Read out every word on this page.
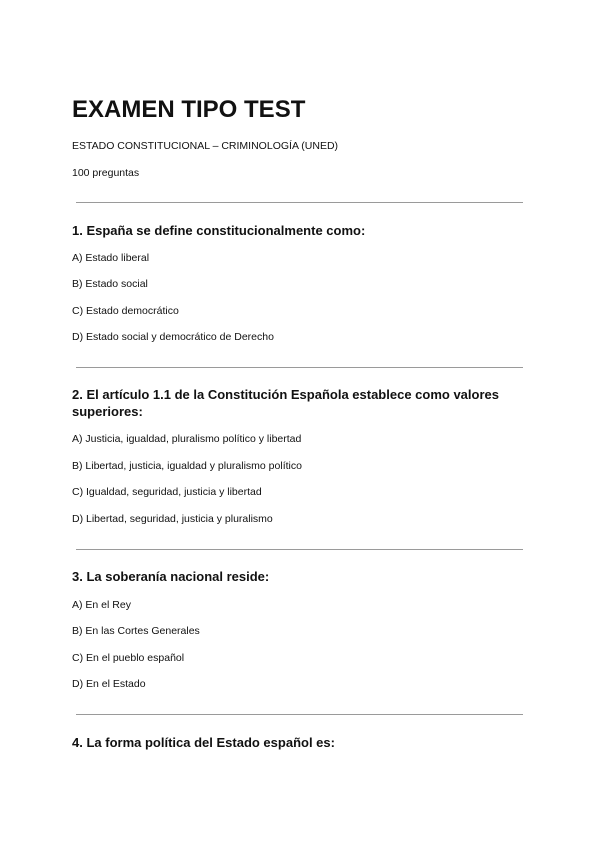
EXAMEN TIPO TEST
ESTADO CONSTITUCIONAL – CRIMINOLOGÍA (UNED)
100 preguntas
1. España se define constitucionalmente como:
A) Estado liberal
B) Estado social
C) Estado democrático
D) Estado social y democrático de Derecho
2. El artículo 1.1 de la Constitución Española establece como valores superiores:
A) Justicia, igualdad, pluralismo político y libertad
B) Libertad, justicia, igualdad y pluralismo político
C) Igualdad, seguridad, justicia y libertad
D) Libertad, seguridad, justicia y pluralismo
3. La soberanía nacional reside:
A) En el Rey
B) En las Cortes Generales
C) En el pueblo español
D) En el Estado
4. La forma política del Estado español es:
